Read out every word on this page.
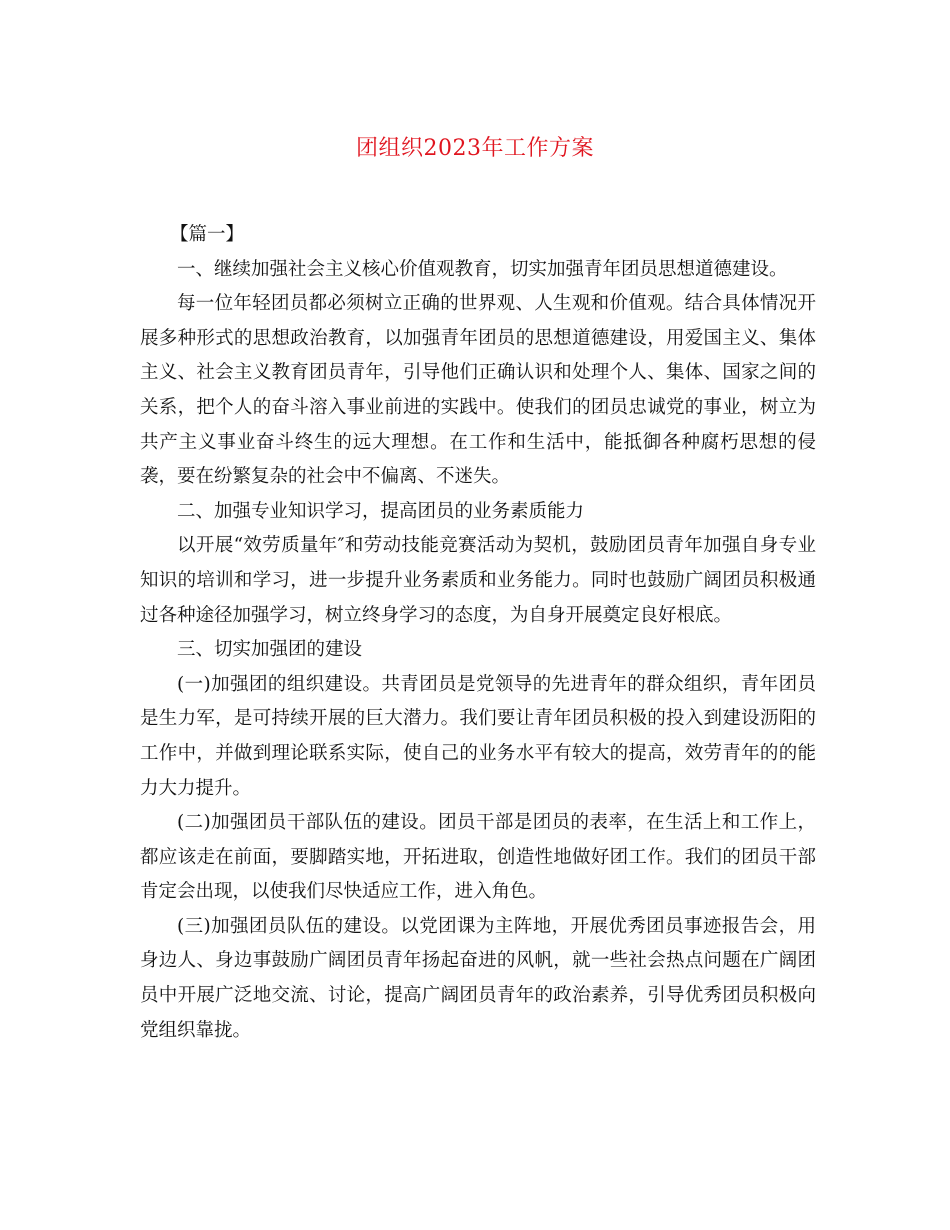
团组织2023年工作方案

【篇一】

一、继续加强社会主义核心价值观教育，切实加强青年团员思想道德建设。

每一位年轻团员都必须树立正确的世界观、人生观和价值观。结合具体情况开展多种形式的思想政治教育，以加强青年团员的思想道德建设，用爱国主义、集体主义、社会主义教育团员青年，引导他们正确认识和处理个人、集体、国家之间的关系，把个人的奋斗溶入事业前进的实践中。使我们的团员忠诚党的事业，树立为共产主义事业奋斗终生的远大理想。在工作和生活中，能抵御各种腐朽思想的侵袭，要在纷繁复杂的社会中不偏离、不迷失。

二、加强专业知识学习，提高团员的业务素质能力

以开展“效劳质量年″和劳动技能竞赛活动为契机，鼓励团员青年加强自身专业知识的培训和学习，进一步提升业务素质和业务能力。同时也鼓励广阔团员积极通过各种途径加强学习，树立终身学习的态度，为自身开展奠定良好根底。

三、切实加强团的建设

(一)加强团的组织建设。共青团员是党领导的先进青年的群众组织，青年团员是生力军，是可持续开展的巨大潜力。我们要让青年团员积极的投入到建设沥阳的工作中，并做到理论联系实际，使自己的业务水平有较大的提高，效劳青年的的能力大力提升。

(二)加强团员干部队伍的建设。团员干部是团员的表率，在生活上和工作上，都应该走在前面，要脚踏实地，开拓进取，创造性地做好团工作。我们的团员干部肯定会出现，以使我们尽快适应工作，进入角色。

(三)加强团员队伍的建设。以党团课为主阵地，开展优秀团员事迹报告会，用身边人、身边事鼓励广阔团员青年扬起奋进的风帆，就一些社会热点问题在广阔团员中开展广泛地交流、讨论，提高广阔团员青年的政治素养，引导优秀团员积极向党组织靠拢。
